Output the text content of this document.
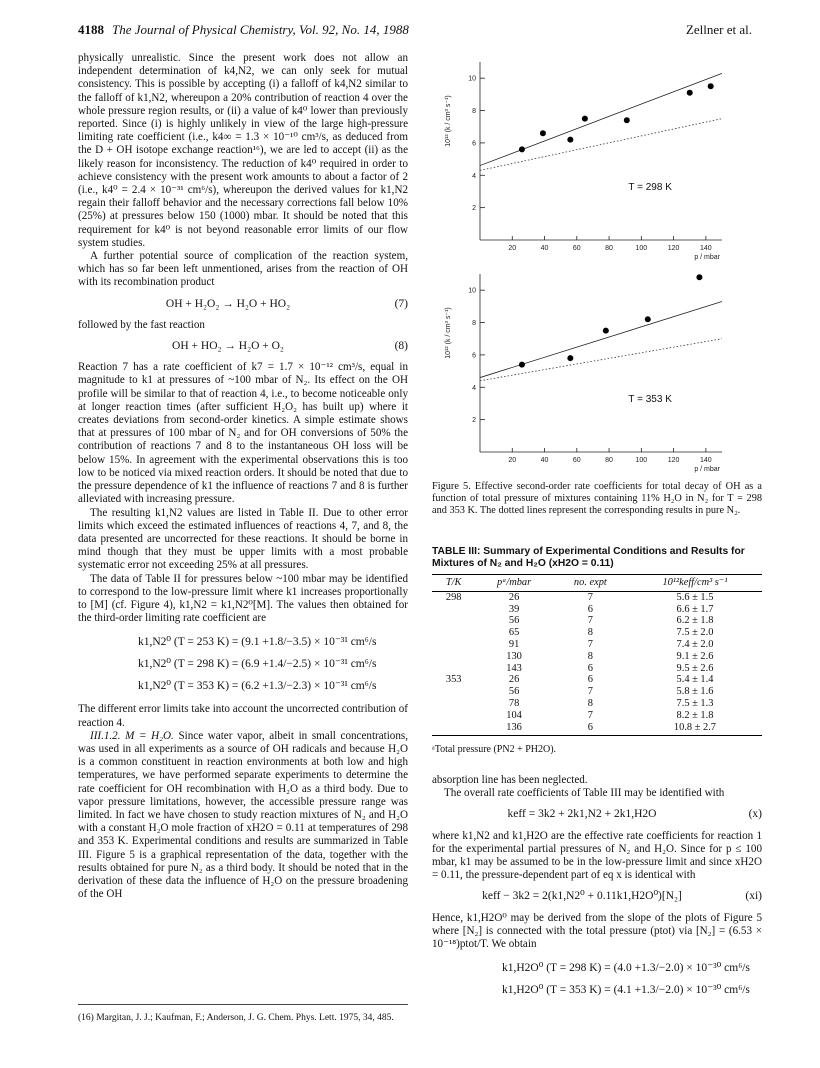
4188 The Journal of Physical Chemistry, Vol. 92, No. 14, 1988	Zellner et al.

physically unrealistic. Since the present work does not allow an independent determination of k4,N2, we can only seek for mutual consistency. This is possible by accepting (i) a falloff of k4,N2 similar to the falloff of k1,N2, whereupon a 20% contribution of reaction 4 over the whole pressure region results, or (ii) a value of k4⁰ lower than previously reported. Since (i) is highly unlikely in view of the large high-pressure limiting rate coefficient (i.e., k4∞ = 1.3 × 10⁻¹⁰ cm³/s, as deduced from the D + OH isotope exchange reaction¹⁶), we are led to accept (ii) as the likely reason for inconsistency. The reduction of k4⁰ required in order to achieve consistency with the present work amounts to about a factor of 2 (i.e., k4⁰ = 2.4 × 10⁻³¹ cm⁶/s), whereupon the derived values for k1,N2 regain their falloff behavior and the necessary corrections fall below 10% (25%) at pressures below 150 (1000) mbar. It should be noted that this requirement for k4⁰ is not beyond reasonable error limits of our flow system studies.

A further potential source of complication of the reaction system, which has so far been left unmentioned, arises from the reaction of OH with its recombination product

OH + H₂O₂ → H₂O + HO₂	(7)

followed by the fast reaction

OH + HO₂ → H₂O + O₂	(8)

Reaction 7 has a rate coefficient of k7 = 1.7 × 10⁻¹² cm³/s, equal in magnitude to k1 at pressures of ~100 mbar of N₂. Its effect on the OH profile will be similar to that of reaction 4, i.e., to become noticeable only at longer reaction times (after sufficient H₂O₂ has built up) where it creates deviations from second-order kinetics. A simple estimate shows that at pressures of 100 mbar of N₂ and for OH conversions of 50% the contribution of reactions 7 and 8 to the instantaneous OH loss will be below 15%. In agreement with the experimental observations this is too low to be noticed via mixed reaction orders. It should be noted that due to the pressure dependence of k1 the influence of reactions 7 and 8 is further alleviated with increasing pressure.

The resulting k1,N2 values are listed in Table II. Due to other error limits which exceed the estimated influences of reactions 4, 7, and 8, the data presented are uncorrected for these reactions. It should be borne in mind though that they must be upper limits with a most probable systematic error not exceeding 25% at all pressures.

The data of Table II for pressures below ~100 mbar may be identified to correspond to the low-pressure limit where k1 increases proportionally to [M] (cf. Figure 4), k1,N2 = k1,N2⁰[M]. The values then obtained for the third-order limiting rate coefficient are

k1,N2⁰ (T = 253 K) = (9.1 +1.8/−3.5) × 10⁻³¹ cm⁶/s
k1,N2⁰ (T = 298 K) = (6.9 +1.4/−2.5) × 10⁻³¹ cm⁶/s
k1,N2⁰ (T = 353 K) = (6.2 +1.3/−2.3) × 10⁻³¹ cm⁶/s

The different error limits take into account the uncorrected contribution of reaction 4.

III.1.2. M = H₂O. Since water vapor, albeit in small concentrations, was used in all experiments as a source of OH radicals and because H₂O is a common constituent in reaction environments at both low and high temperatures, we have performed separate experiments to determine the rate coefficient for OH recombination with H₂O as a third body. Due to vapor pressure limitations, however, the accessible pressure range was limited. In fact we have chosen to study reaction mixtures of N₂ and H₂O with a constant H₂O mole fraction of xH2O = 0.11 at temperatures of 298 and 353 K. Experimental conditions and results are summarized in Table III. Figure 5 is a graphical representation of the data, together with the results obtained for pure N₂ as a third body. It should be noted that in the derivation of these data the influence of H₂O on the pressure broadening of the OH

(16) Margitan, J. J.; Kaufman, F.; Anderson, J. G. Chem. Phys. Lett. 1975, 34, 485.
2
4
6
8
10
20	40	60	80	100	120	140
p / mbar
10¹² (k / cm³ s⁻¹)
T = 298 K
2
4
6
8
10
20	40	60	80	100	120	140
p / mbar
10¹² (k / cm³ s⁻¹)
T = 353 K
Figure 5. Effective second-order rate coefficients for total decay of OH as a function of total pressure of mixtures containing 11% H₂O in N₂ for T = 298 and 353 K. The dotted lines represent the corresponding results in pure N₂.
TABLE III: Summary of Experimental Conditions and Results for Mixtures of N₂ and H₂O (xH2O = 0.11)
T/K	pᵃ/mbar	no. expt	10¹²keff/cm³ s⁻¹
298	26	7	5.6 ± 1.5
	39	6	6.6 ± 1.7
	56	7	6.2 ± 1.8
	65	8	7.5 ± 2.0
	91	7	7.4 ± 2.0
	130	8	9.1 ± 2.6
	143	6	9.5 ± 2.6
353	26	6	5.4 ± 1.4
	56	7	5.8 ± 1.6
	78	8	7.5 ± 1.3
	104	7	8.2 ± 1.8
	136	6	10.8 ± 2.7
ᵃTotal pressure (PN2 + PH2O).

absorption line has been neglected.

The overall rate coefficients of Table III may be identified with

keff = 3k2 + 2k1,N2 + 2k1,H2O	(x)

where k1,N2 and k1,H2O are the effective rate coefficients for reaction 1 for the experimental partial pressures of N₂ and H₂O. Since for p ≤ 100 mbar, k1 may be assumed to be in the low-pressure limit and since xH2O = 0.11, the pressure-dependent part of eq x is identical with

keff − 3k2 = 2(k1,N2⁰ + 0.11k1,H2O⁰)[N₂]	(xi)

Hence, k1,H2O⁰ may be derived from the slope of the plots of Figure 5 where [N₂] is connected with the total pressure (ptot) via [N₂] = (6.53 × 10⁻¹⁸)ptot/T. We obtain

k1,H2O⁰ (T = 298 K) = (4.0 +1.3/−2.0) × 10⁻³⁰ cm⁶/s
k1,H2O⁰ (T = 353 K) = (4.1 +1.3/−2.0) × 10⁻³⁰ cm⁶/s
